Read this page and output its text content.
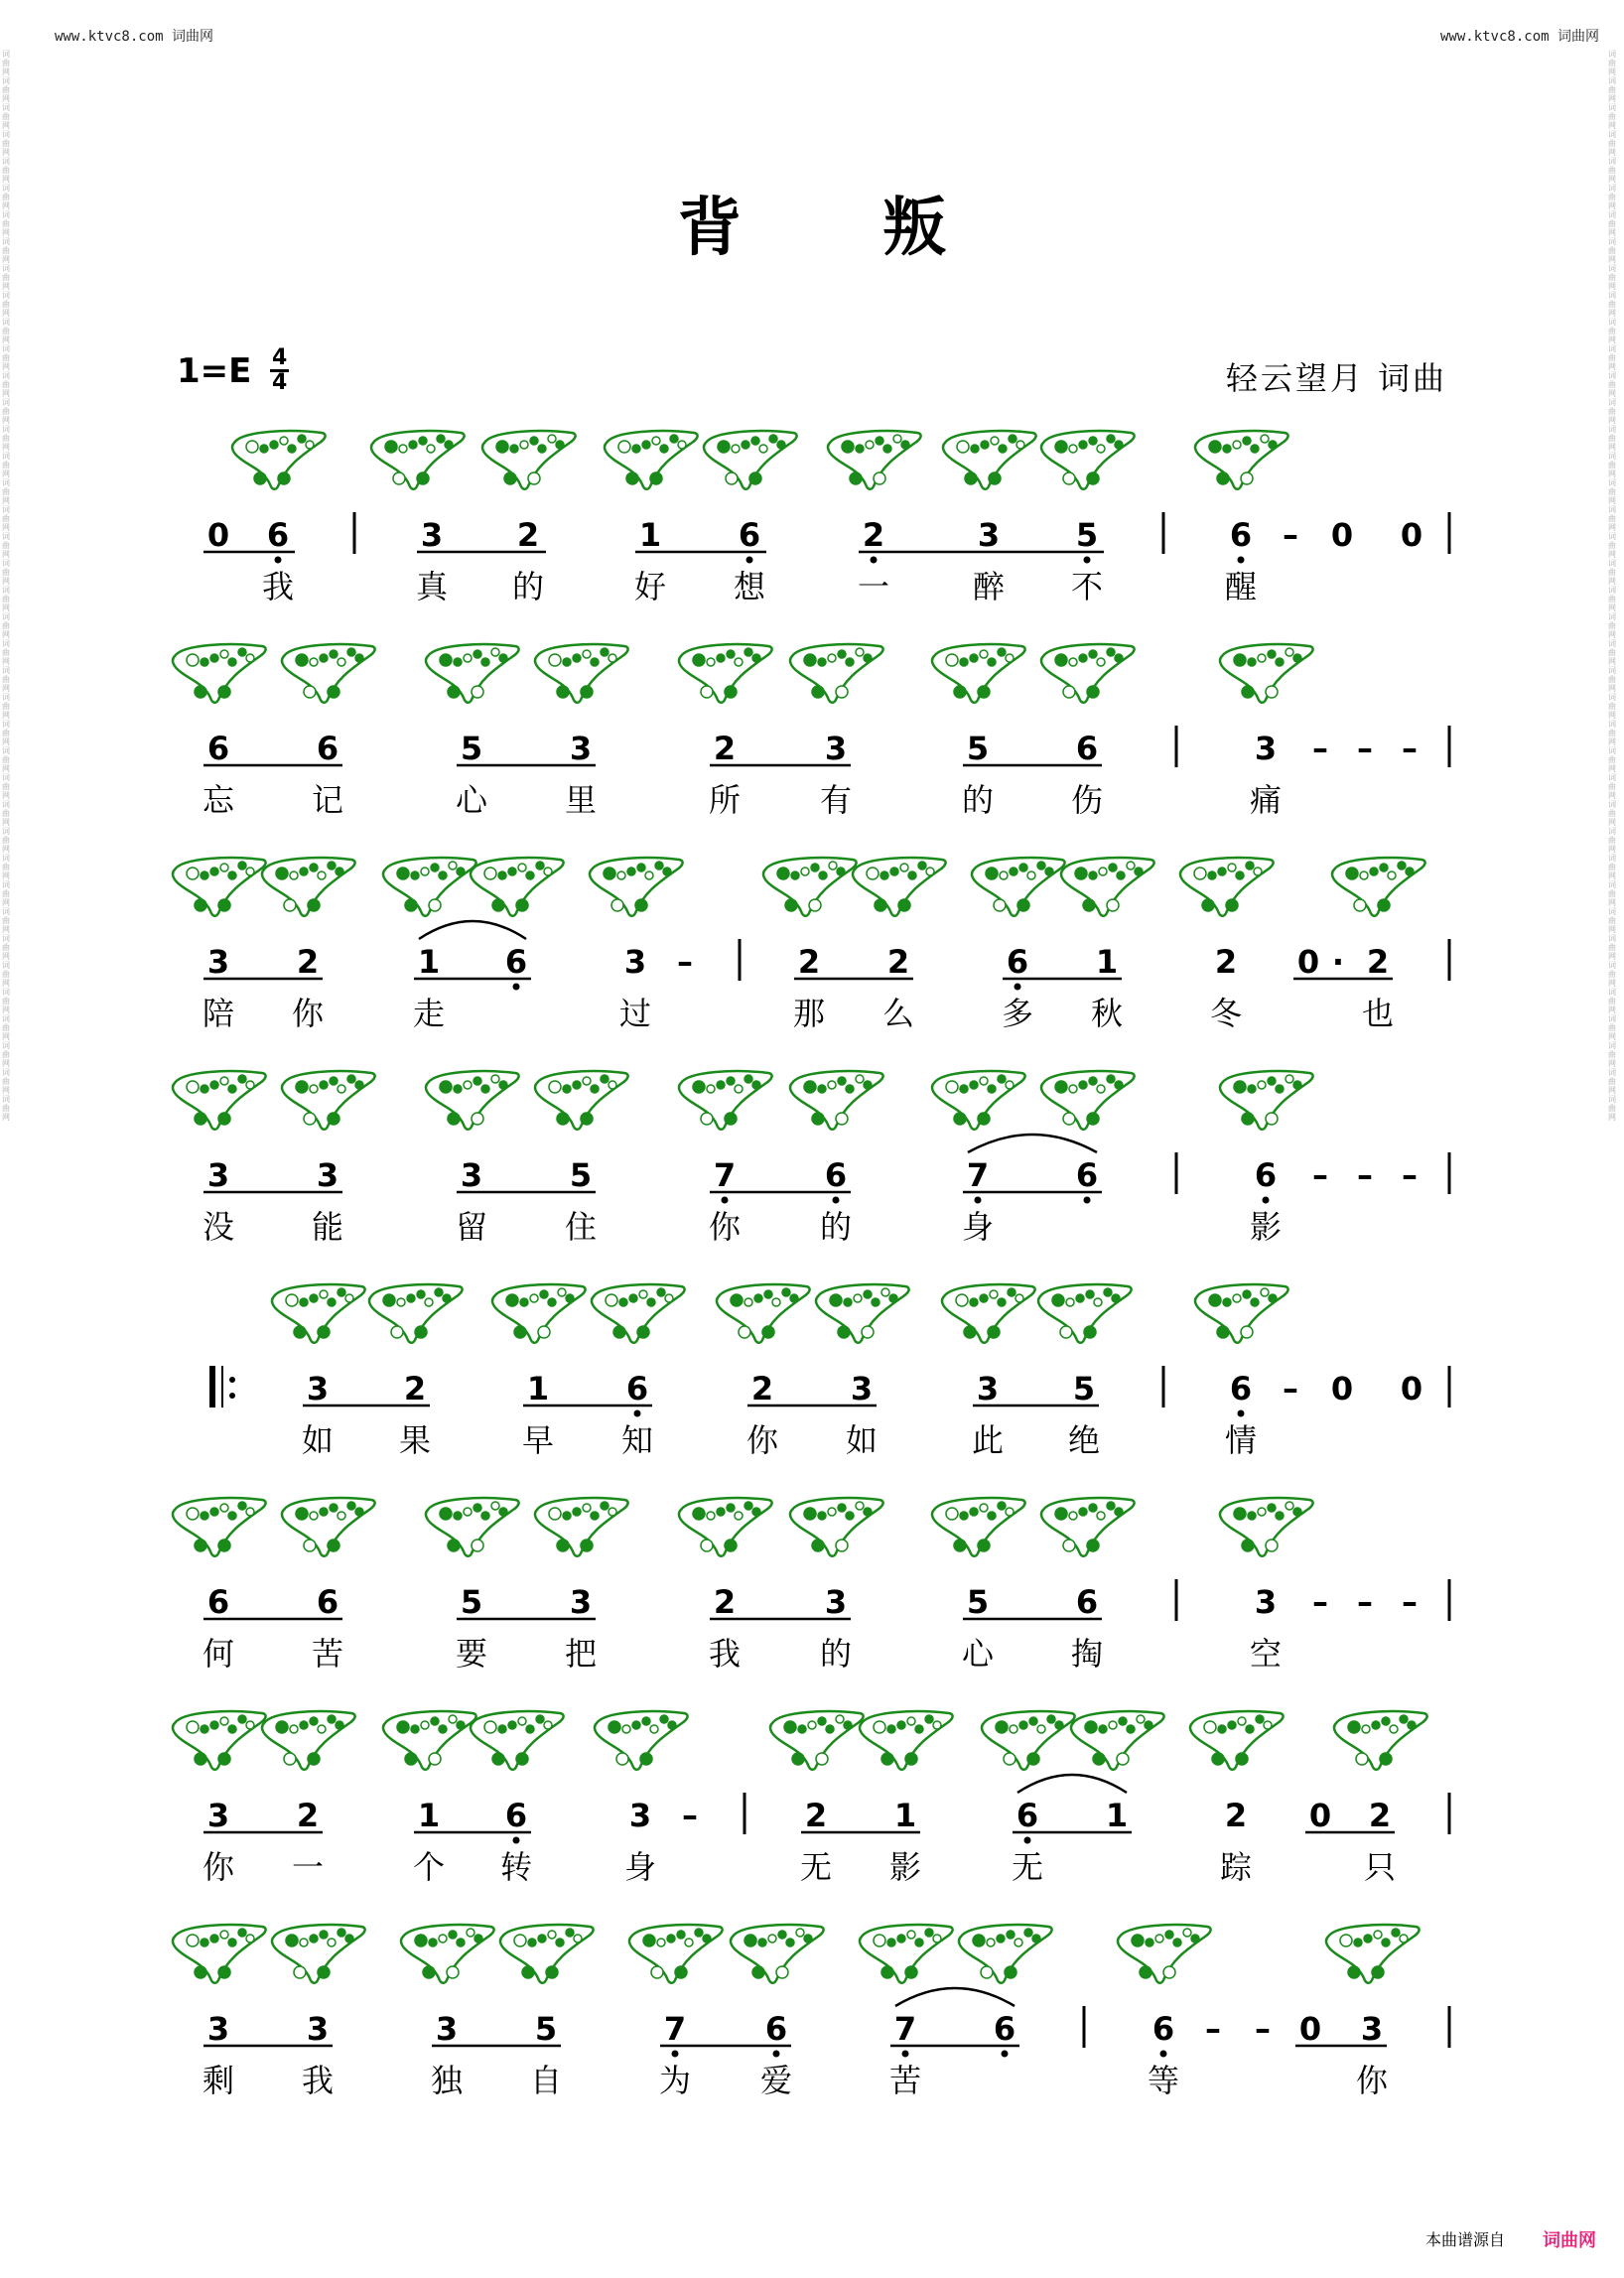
www.ktvc8.com 词曲网	www.ktvc8.com 词曲网
词曲网 词曲网 词曲网 词曲网 词曲网 词曲网 词曲网 词曲网 词曲网 词曲网 词曲网 词曲网 词曲网 词曲网 词曲网 词曲网 词曲网 词曲网 词曲网 词曲网 词曲网 词曲网 词曲网 词曲网 词曲网 词曲网 词曲网 词曲网 词曲网 词曲网 词曲网 词曲网 词曲网 词曲网 词曲网 词曲网 词曲网 词曲网 词曲网 词曲网
词曲网 词曲网 词曲网 词曲网 词曲网 词曲网 词曲网 词曲网 词曲网 词曲网 词曲网 词曲网 词曲网 词曲网 词曲网 词曲网 词曲网 词曲网 词曲网 词曲网 词曲网 词曲网 词曲网 词曲网 词曲网 词曲网 词曲网 词曲网 词曲网 词曲网 词曲网 词曲网 词曲网 词曲网 词曲网 词曲网 词曲网 词曲网 词曲网 词曲网
背 叛
$1=E \frac{4}{4}$	轻云望月 词曲
0 6	3 2	1 6	2	3 5	6 – 0 0
我	真 的	好 想	一	醉 不	醒
6	6	5	3	2	3	5	6	3 – – –
忘 记	心 里	所 有	的 伤	痛
3 2	1 6	3 –	2 2	6 1	2 0 · 2
陪 你	走	过	那 么	多 秋	冬	也
3	3	3	5	7	6	7	6	6 – – –
没 能	留 住	你 的	身	影
3 2	1 6	2 3	3 5	6 – 0 0
如 果	早 知	你 如	此 绝	情
6	6	5	3	2	3	5	6	3 – – –
何 苦	要 把	我 的	心 掏	空
3 2	1 6	3 –	2 1	6 1	2 0 2
你 一	个 转	身	无 影	无	踪	只
3 3	3 5	7 6	7 6	6 – – 0 3
剩 我	独 自	为 爱	苦	等	你
本曲谱源自 词曲网
